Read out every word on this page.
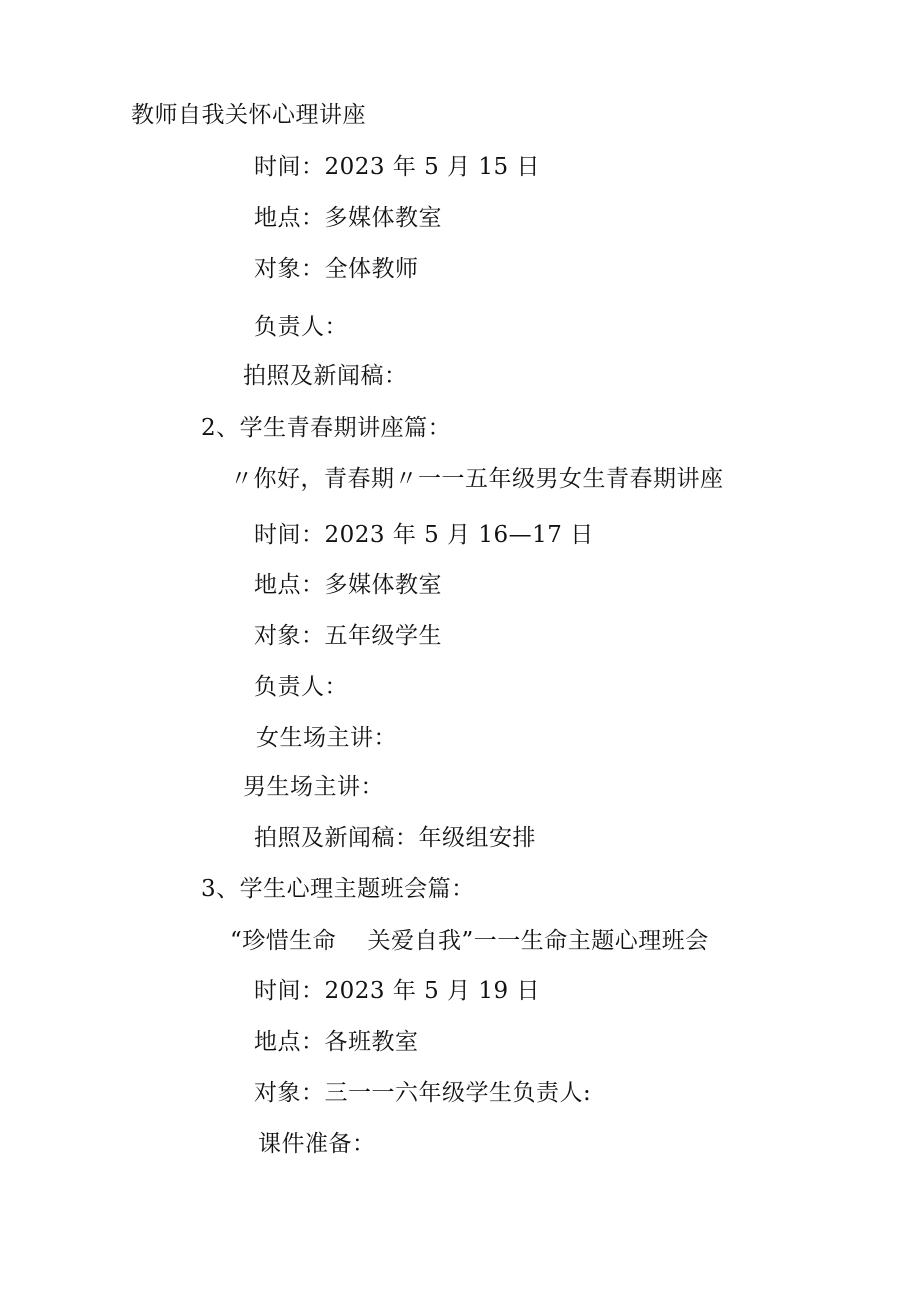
教师自我关怀心理讲座
时间：2023 年 5 月 15 日
地点：多媒体教室
对象：全体教师
负责人：
拍照及新闻稿：
2、学生青春期讲座篇：
〃你好，青春期〃一一五年级男女生青春期讲座
时间：2023 年 5 月 16—17 日
地点：多媒体教室
对象：五年级学生
负责人：
女生场主讲：
男生场主讲：
拍照及新闻稿：年级组安排
3、学生心理主题班会篇：
“珍惜生命    关爱自我”一一生命主题心理班会
时间：2023 年 5 月 19 日
地点：各班教室
对象：三一一六年级学生负责人:
课件准备：
